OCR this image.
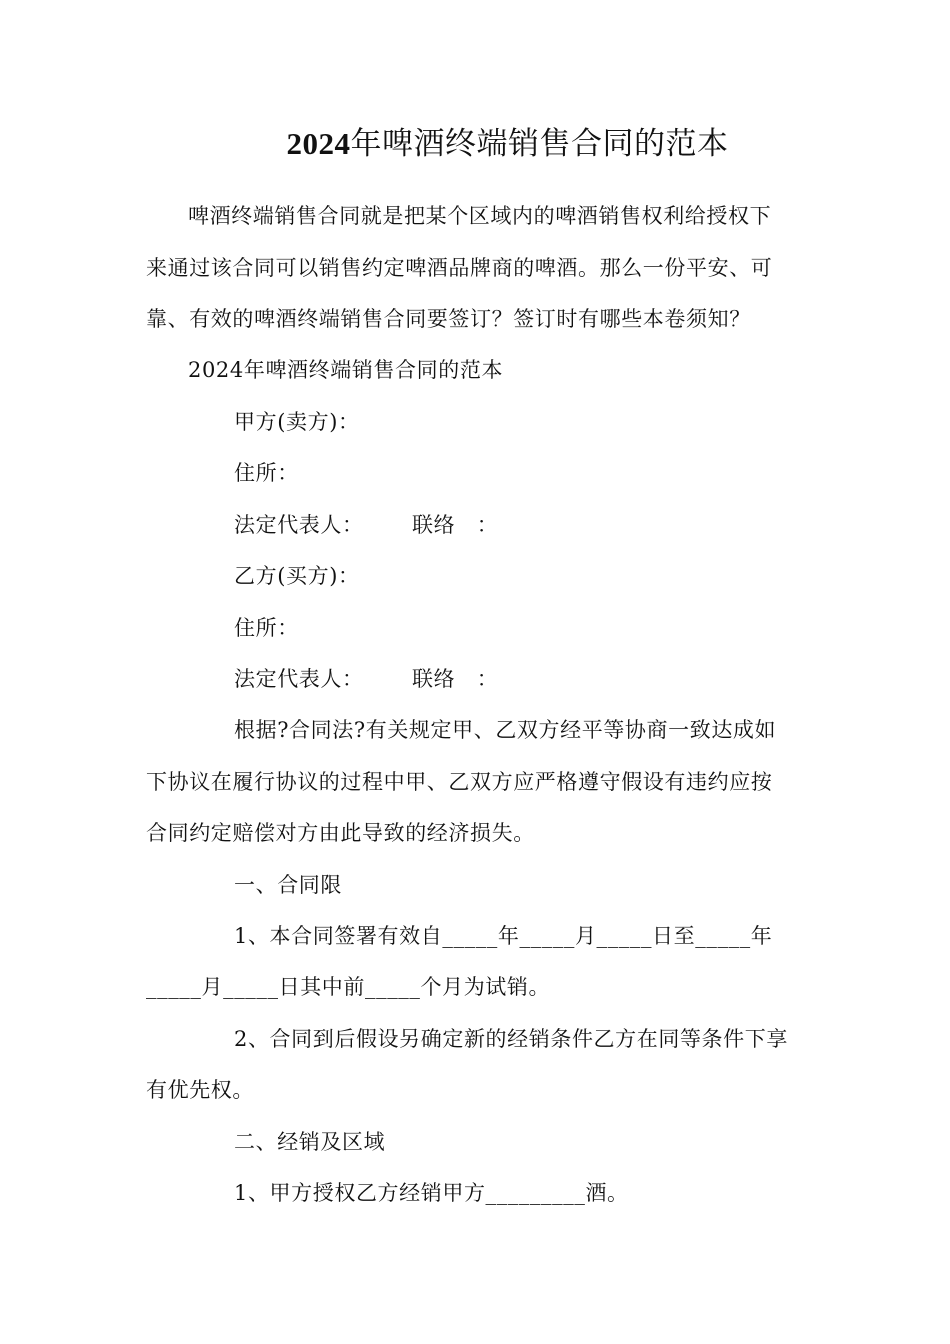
2024年啤酒终端销售合同的范本
啤酒终端销售合同就是把某个区域内的啤酒销售权利给授权下
来通过该合同可以销售约定啤酒品牌商的啤酒。那么一份平安、可
靠、有效的啤酒终端销售合同要签订？签订时有哪些本卷须知？
2024年啤酒终端销售合同的范本
甲方(卖方)：
住所：
法定代表人： 联络　：
乙方(买方)：
住所：
法定代表人： 联络　：
根据?合同法?有关规定甲、乙双方经平等协商一致达成如
下协议在履行协议的过程中甲、乙双方应严格遵守假设有违约应按
合同约定赔偿对方由此导致的经济损失。
一、合同限
1、本合同签署有效自_____年_____月_____日至_____年
_____月_____日其中前_____个月为试销。
2、合同到后假设另确定新的经销条件乙方在同等条件下享
有优先权。
二、经销及区域
1、甲方授权乙方经销甲方_________酒。
